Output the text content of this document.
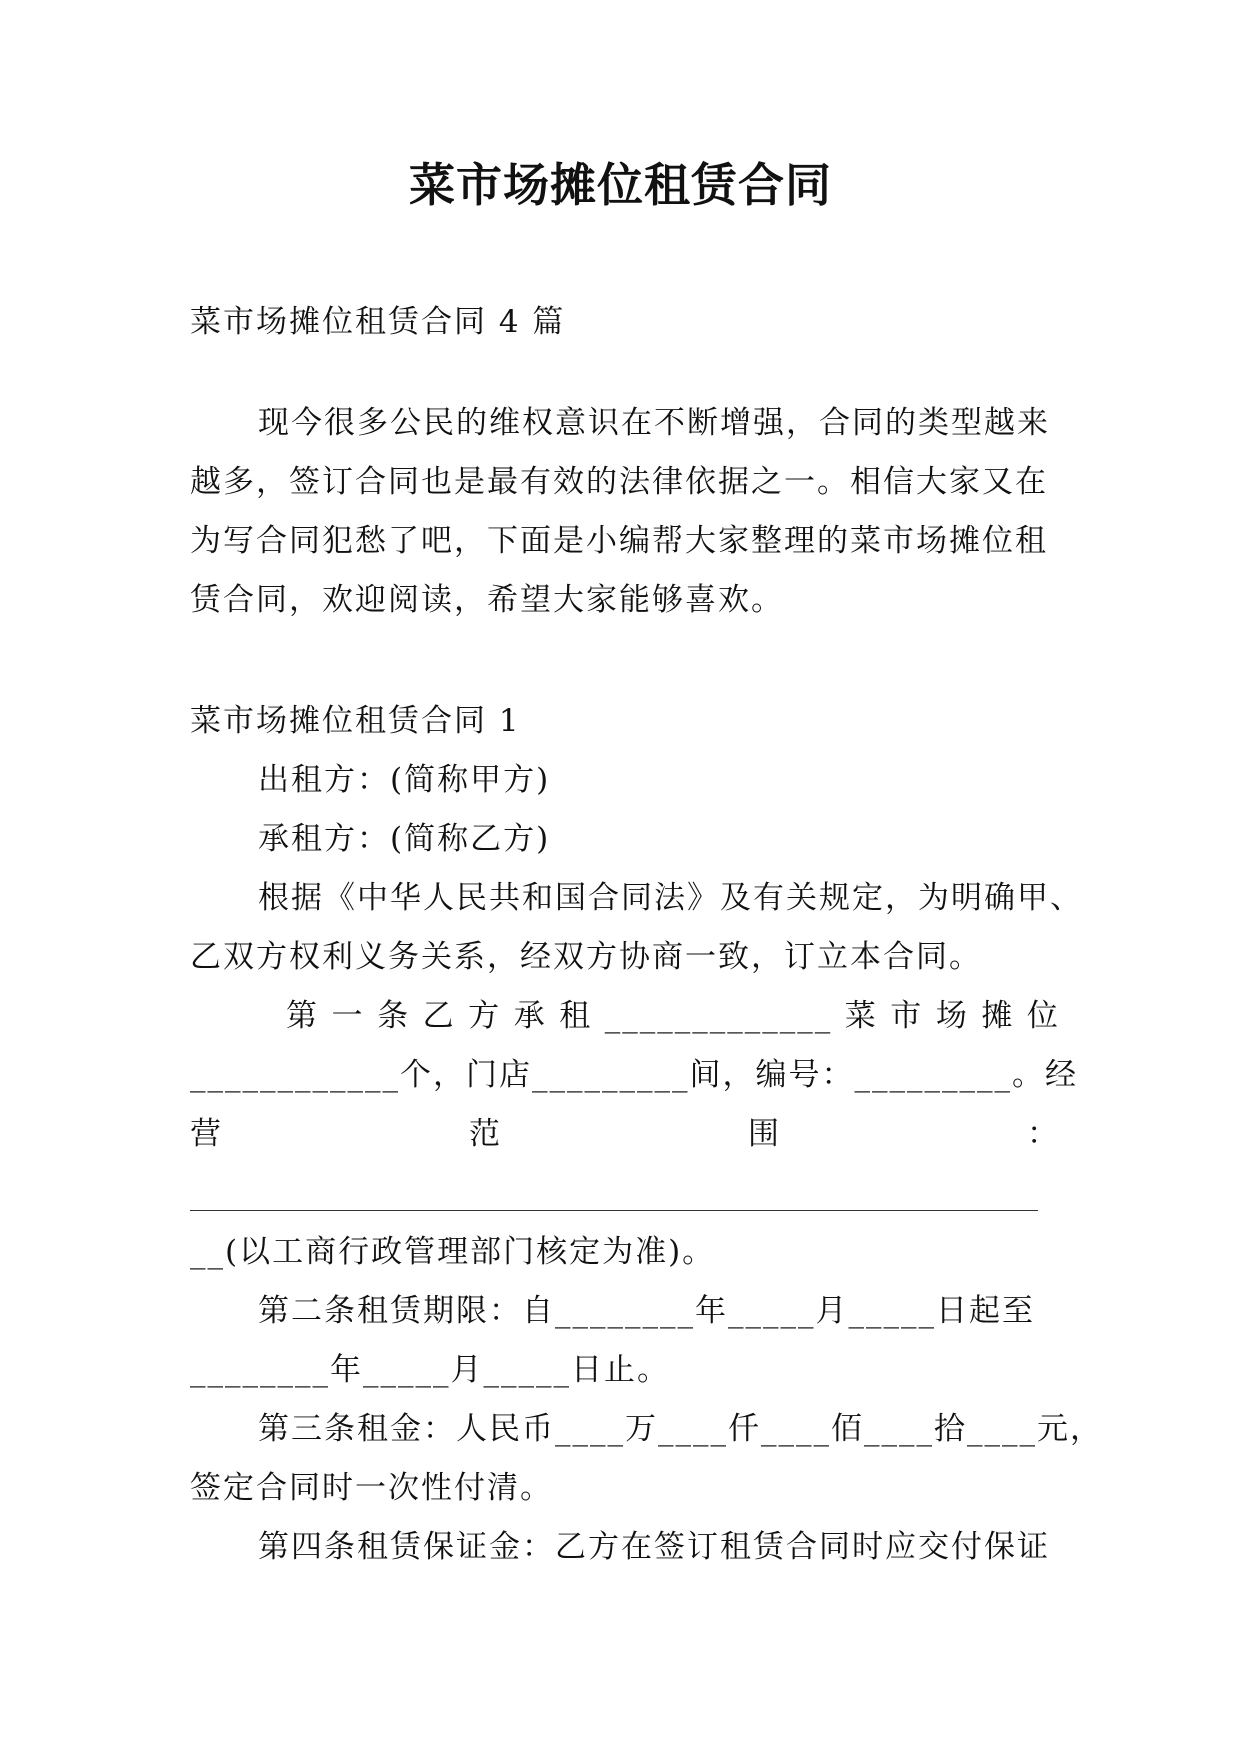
菜市场摊位租赁合同
菜市场摊位租赁合同 4 篇
现今很多公民的维权意识在不断增强，合同的类型越来
越多，签订合同也是最有效的法律依据之一。相信大家又在
为写合同犯愁了吧，下面是小编帮大家整理的菜市场摊位租
赁合同，欢迎阅读，希望大家能够喜欢。
菜市场摊位租赁合同 1
出租方：(简称甲方)
承租方：(简称乙方)
根据《中华人民共和国合同法》及有关规定，为明确甲、
乙双方权利义务关系，经双方协商一致，订立本合同。
第 一 条 乙 方 承 租 _____________ 菜 市 场 摊 位
____________个，门店_________间，编号：_________。经
营	范	围	：
__(以工商行政管理部门核定为准)。
第二条租赁期限：自________年_____月_____日起至
________年_____月_____日止。
第三条租金：人民币____万____仟____佰____拾____元，
签定合同时一次性付清。
第四条租赁保证金：乙方在签订租赁合同时应交付保证
